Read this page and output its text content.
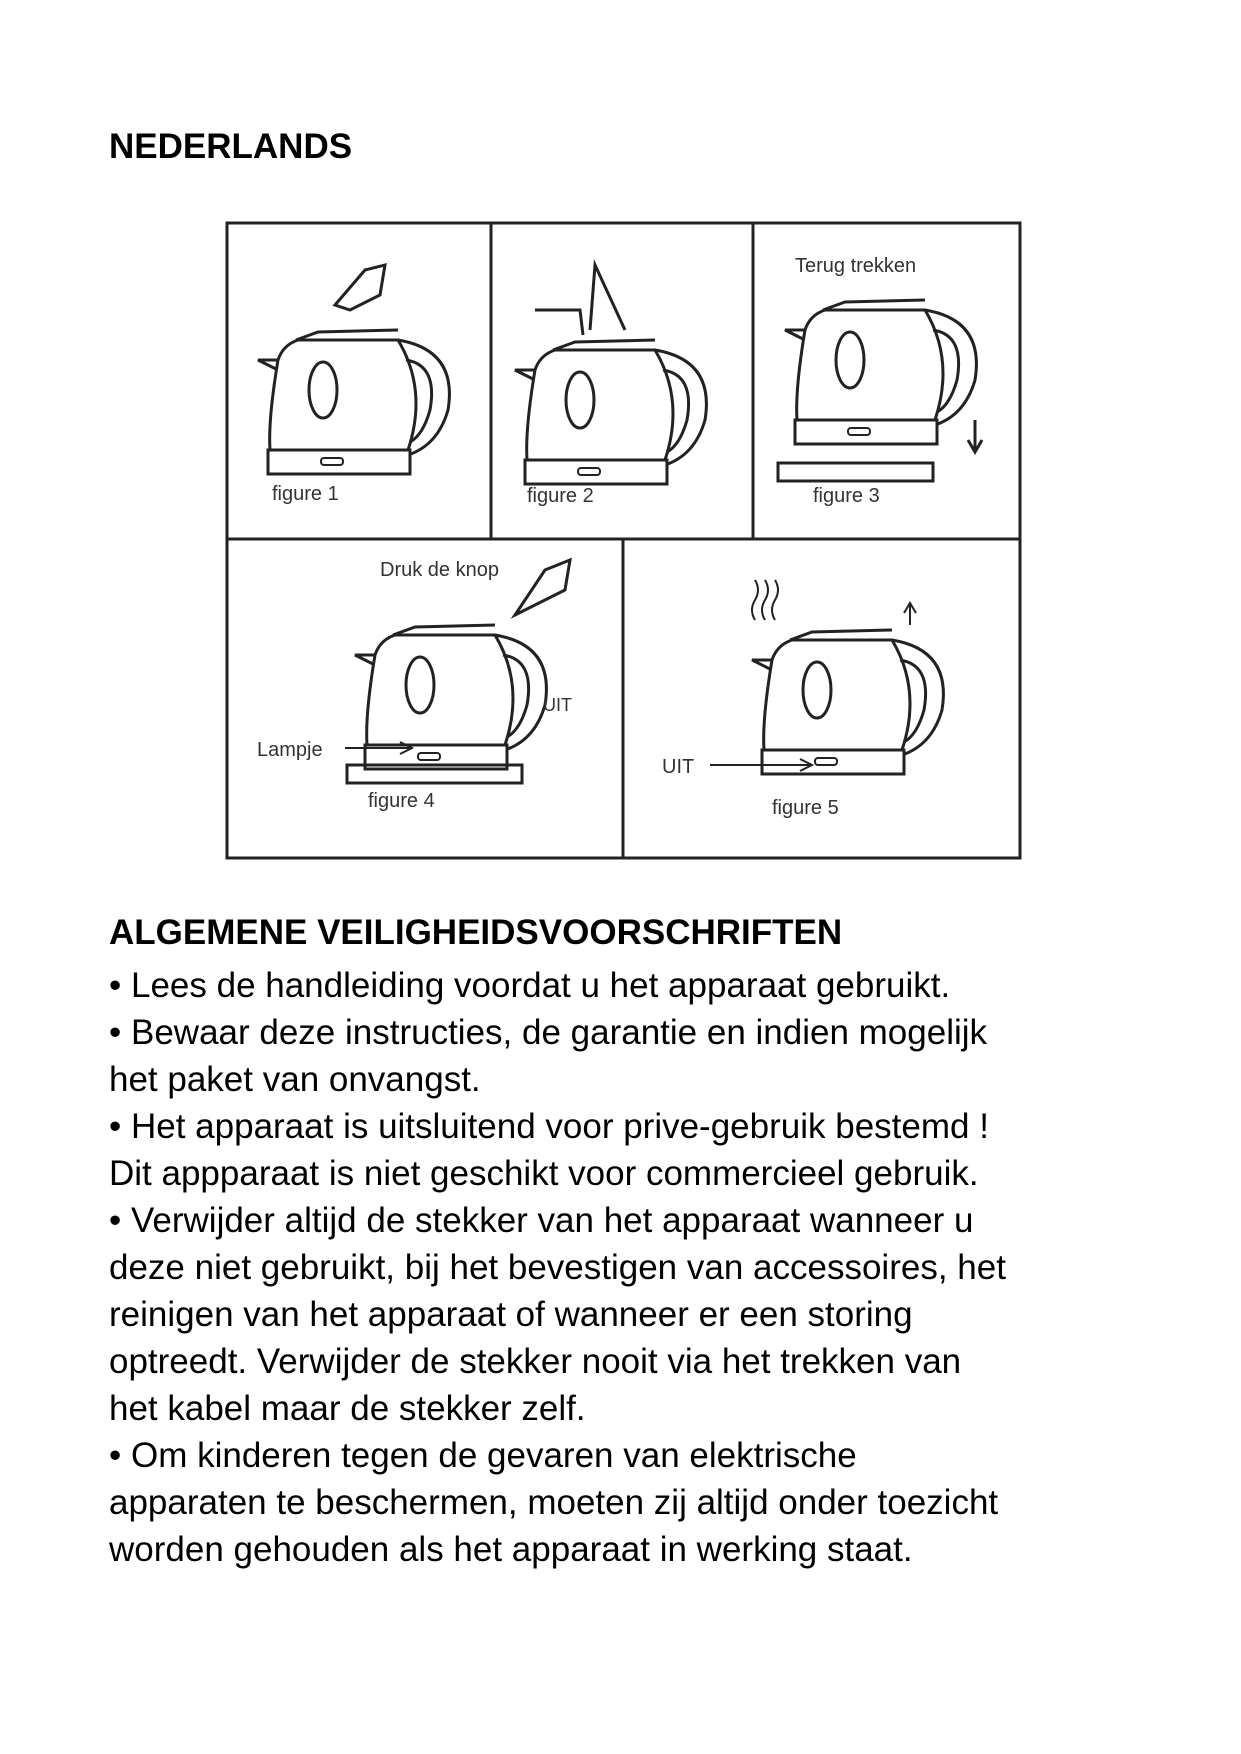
NEDERLANDS
figure 1	figure 2	figure 3
Terug trekken
Druk de knop
Lampje
UIT
figure 4
UIT
figure 5
ALGEMENE VEILIGHEIDSVOORSCHRIFTEN

• Lees de handleiding voordat u het apparaat gebruikt.

• Bewaar deze instructies, de garantie en indien mogelijk

het paket van onvangst.

• Het apparaat is uitsluitend voor prive-gebruik bestemd !

Dit appparaat is niet geschikt voor commercieel gebruik.

• Verwijder altijd de stekker van het apparaat wanneer u

deze niet gebruikt, bij het bevestigen van accessoires, het

reinigen van het apparaat of wanneer er een storing

optreedt. Verwijder de stekker nooit via het trekken van

het kabel maar de stekker zelf.

• Om kinderen tegen de gevaren van elektrische

apparaten te beschermen, moeten zij altijd onder toezicht

worden gehouden als het apparaat in werking staat.
